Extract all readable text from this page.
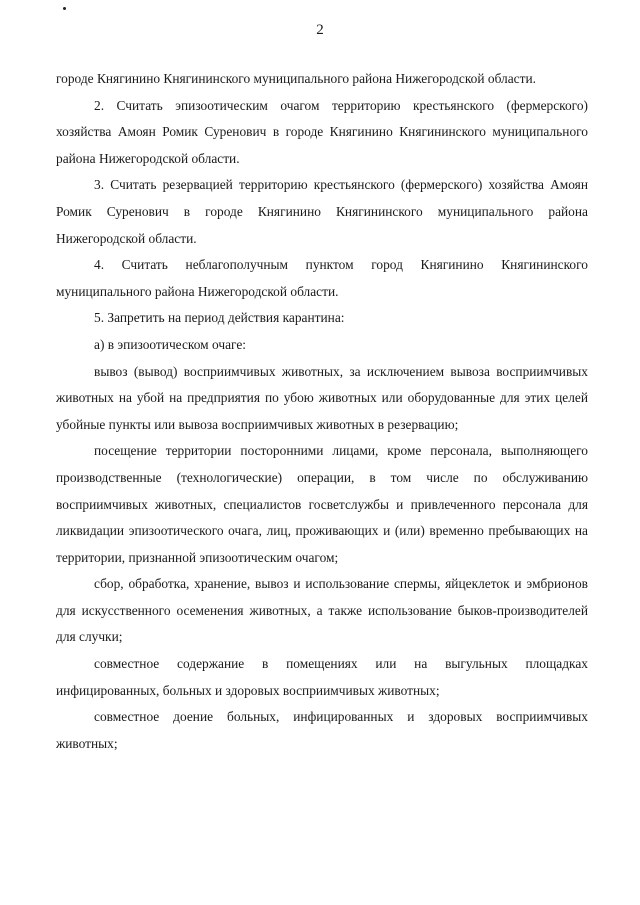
2

городе Княгинино Княгининского муниципального района Нижегородской области.

2. Считать эпизоотическим очагом территорию крестьянского (фермерского) хозяйства Амоян Ромик Суренович в городе Княгинино Княгининского муниципального района Нижегородской области.

3. Считать резервацией территорию крестьянского (фермерского) хозяйства Амоян Ромик Суренович в городе Княгинино Княгининского муниципального района Нижегородской области.

4. Считать неблагополучным пунктом город Княгинино Княгининского муниципального района Нижегородской области.

5. Запретить на период действия карантина:

а) в эпизоотическом очаге:

вывоз (вывод) восприимчивых животных, за исключением вывоза восприимчивых животных на убой на предприятия по убою животных или оборудованные для этих целей убойные пункты или вывоза восприимчивых животных в резервацию;

посещение территории посторонними лицами, кроме персонала, выполняющего производственные (технологические) операции, в том числе по обслуживанию восприимчивых животных, специалистов госветслужбы и привлеченного персонала для ликвидации эпизоотического очага, лиц, проживающих и (или) временно пребывающих на территории, признанной эпизоотическим очагом;

сбор, обработка, хранение, вывоз и использование спермы, яйцеклеток и эмбрионов для искусственного осеменения животных, а также использование быков-производителей для случки;

совместное содержание в помещениях или на выгульных площадках инфицированных, больных и здоровых восприимчивых животных;

совместное доение больных, инфицированных и здоровых восприимчивых животных;
